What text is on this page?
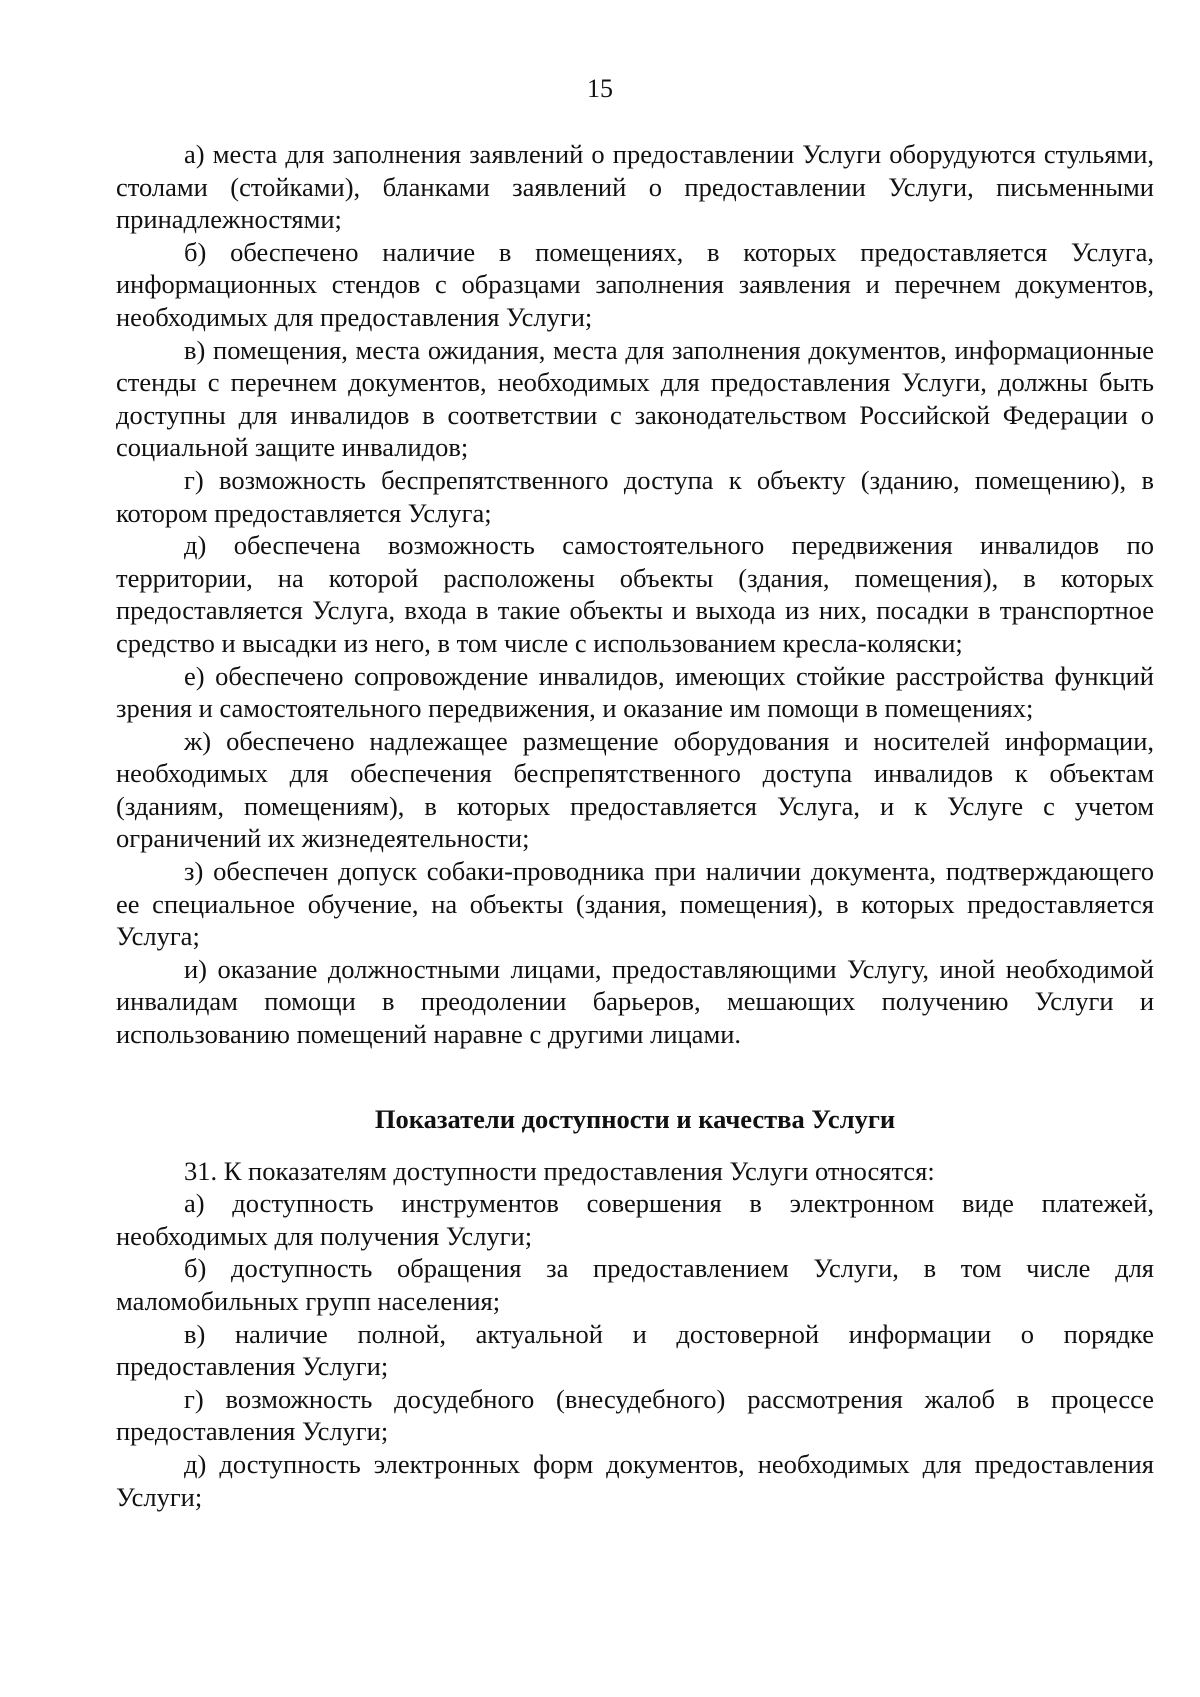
15

а) места для заполнения заявлений о предоставлении Услуги оборудуются стульями, столами (стойками), бланками заявлений о предоставлении Услуги, письменными принадлежностями;

б) обеспечено наличие в помещениях, в которых предоставляется Услуга, информационных стендов с образцами заполнения заявления и перечнем документов, необходимых для предоставления Услуги;

в) помещения, места ожидания, места для заполнения документов, информационные стенды с перечнем документов, необходимых для предоставления Услуги, должны быть доступны для инвалидов в соответствии с законодательством Российской Федерации о социальной защите инвалидов;

г) возможность беспрепятственного доступа к объекту (зданию, помещению), в котором предоставляется Услуга;

д) обеспечена возможность самостоятельного передвижения инвалидов по территории, на которой расположены объекты (здания, помещения), в которых предоставляется Услуга, входа в такие объекты и выхода из них, посадки в транспортное средство и высадки из него, в том числе с использованием кресла-коляски;

е) обеспечено сопровождение инвалидов, имеющих стойкие расстройства функций зрения и самостоятельного передвижения, и оказание им помощи в помещениях;

ж) обеспечено надлежащее размещение оборудования и носителей информации, необходимых для обеспечения беспрепятственного доступа инвалидов к объектам (зданиям, помещениям), в которых предоставляется Услуга, и к Услуге с учетом ограничений их жизнедеятельности;

з) обеспечен допуск собаки-проводника при наличии документа, подтверждающего ее специальное обучение, на объекты (здания, помещения), в которых предоставляется Услуга;

и) оказание должностными лицами, предоставляющими Услугу, иной необходимой инвалидам помощи в преодолении барьеров, мешающих получению Услуги и использованию помещений наравне с другими лицами.

Показатели доступности и качества Услуги

31. К показателям доступности предоставления Услуги относятся:

а) доступность инструментов совершения в электронном виде платежей, необходимых для получения Услуги;

б) доступность обращения за предоставлением Услуги, в том числе для маломобильных групп населения;

в) наличие полной, актуальной и достоверной информации о порядке предоставления Услуги;

г) возможность досудебного (внесудебного) рассмотрения жалоб в процессе предоставления Услуги;

д) доступность электронных форм документов, необходимых для предоставления Услуги;
